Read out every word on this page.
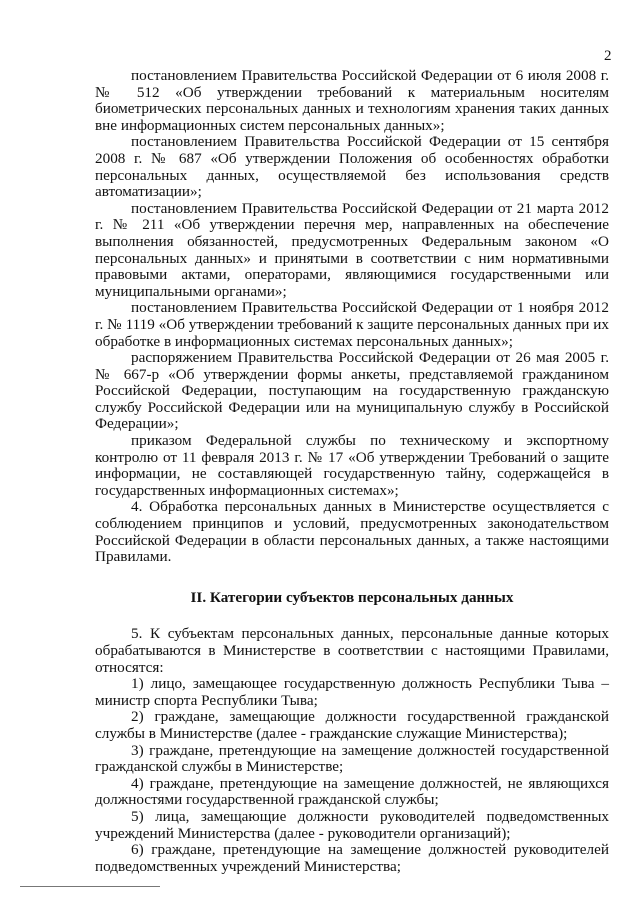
2

постановлением Правительства Российской Федерации от 6 июля 2008 г. № 512 «Об утверждении требований к материальным носителям биометрических персональных данных и технологиям хранения таких данных вне информационных систем персональных данных»;

постановлением Правительства Российской Федерации от 15 сентября 2008 г. № 687 «Об утверждении Положения об особенностях обработки персональных данных, осуществляемой без использования средств автоматизации»;

постановлением Правительства Российской Федерации от 21 марта 2012 г. № 211 «Об утверждении перечня мер, направленных на обеспечение выполнения обязанностей, предусмотренных Федеральным законом «О персональных данных» и принятыми в соответствии с ним нормативными правовыми актами, операторами, являющимися государственными или муниципальными органами»;

постановлением Правительства Российской Федерации от 1 ноября 2012 г. № 1119 «Об утверждении требований к защите персональных данных при их обработке в информационных системах персональных данных»;

распоряжением Правительства Российской Федерации от 26 мая 2005 г. № 667-р «Об утверждении формы анкеты, представляемой гражданином Российской Федерации, поступающим на государственную гражданскую службу Российской Федерации или на муниципальную службу в Российской Федерации»;

приказом Федеральной службы по техническому и экспортному контролю от 11 февраля 2013 г. № 17 «Об утверждении Требований о защите информации, не составляющей государственную тайну, содержащейся в государственных информационных системах»;

4. Обработка персональных данных в Министерстве осуществляется с соблюдением принципов и условий, предусмотренных законодательством Российской Федерации в области персональных данных, а также настоящими Правилами.

II. Категории субъектов персональных данных

5. К субъектам персональных данных, персональные данные которых обрабатываются в Министерстве в соответствии с настоящими Правилами, относятся:

1) лицо, замещающее государственную должность Республики Тыва – министр спорта Республики Тыва;

2) граждане, замещающие должности государственной гражданской службы в Министерстве (далее - гражданские служащие Министерства);

3) граждане, претендующие на замещение должностей государственной гражданской службы в Министерстве;

4) граждане, претендующие на замещение должностей, не являющихся должностями государственной гражданской службы;

5) лица, замещающие должности руководителей подведомственных учреждений Министерства (далее - руководители организаций);

6) граждане, претендующие на замещение должностей руководителей подведомственных учреждений Министерства;
